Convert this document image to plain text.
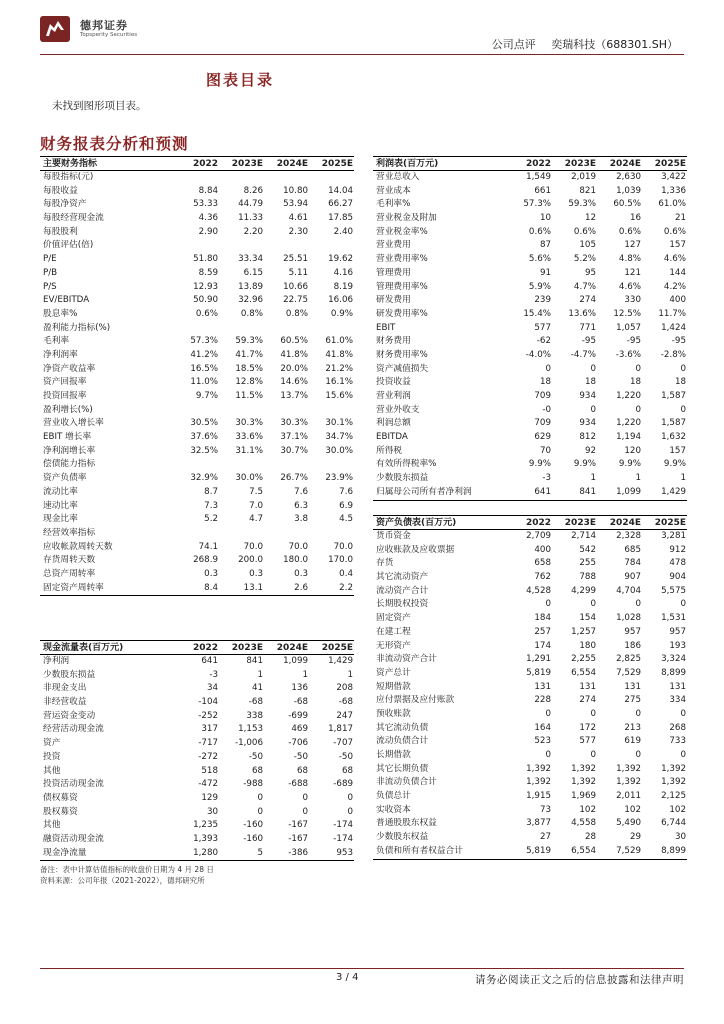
德邦证券
Topsperity Securities
公司点评 奕瑞科技（688301.SH）
图表目录
未找到图形项目表。
财务报表分析和预测
主要财务指标	2022	2023E	2024E	2025E
每股指标(元)
每股收益	8.84	8.26	10.80	14.04
每股净资产	53.33	44.79	53.94	66.27
每股经营现金流	4.36	11.33	4.61	17.85
每股股利	2.90	2.20	2.30	2.40
价值评估(倍)
P/E	51.80	33.34	25.51	19.62
P/B	8.59	6.15	5.11	4.16
P/S	12.93	13.89	10.66	8.19
EV/EBITDA	50.90	32.96	22.75	16.06
股息率%	0.6%	0.8%	0.8%	0.9%
盈利能力指标(%)
毛利率	57.3%	59.3%	60.5%	61.0%
净利润率	41.2%	41.7%	41.8%	41.8%
净资产收益率	16.5%	18.5%	20.0%	21.2%
资产回报率	11.0%	12.8%	14.6%	16.1%
投资回报率	9.7%	11.5%	13.7%	15.6%
盈利增长(%)
营业收入增长率	30.5%	30.3%	30.3%	30.1%
EBIT 增长率	37.6%	33.6%	37.1%	34.7%
净利润增长率	32.5%	31.1%	30.7%	30.0%
偿债能力指标
资产负债率	32.9%	30.0%	26.7%	23.9%
流动比率	8.7	7.5	7.6	7.6
速动比率	7.3	7.0	6.3	6.9
现金比率	5.2	4.7	3.8	4.5
经营效率指标
应收帐款周转天数	74.1	70.0	70.0	70.0
存货周转天数	268.9	200.0	180.0	170.0
总资产周转率	0.3	0.3	0.3	0.4
固定资产周转率	8.4	13.1	2.6	2.2
利润表(百万元)	2022	2023E	2024E	2025E
营业总收入	1,549	2,019	2,630	3,422
营业成本	661	821	1,039	1,336
毛利率%	57.3%	59.3%	60.5%	61.0%
营业税金及附加	10	12	16	21
营业税金率%	0.6%	0.6%	0.6%	0.6%
营业费用	87	105	127	157
营业费用率%	5.6%	5.2%	4.8%	4.6%
管理费用	91	95	121	144
管理费用率%	5.9%	4.7%	4.6%	4.2%
研发费用	239	274	330	400
研发费用率%	15.4%	13.6%	12.5%	11.7%
EBIT	577	771	1,057	1,424
财务费用	-62	-95	-95	-95
财务费用率%	-4.0%	-4.7%	-3.6%	-2.8%
资产减值损失	0	0	0	0
投资收益	18	18	18	18
营业利润	709	934	1,220	1,587
营业外收支	-0	0	0	0
利润总额	709	934	1,220	1,587
EBITDA	629	812	1,194	1,632
所得税	70	92	120	157
有效所得税率%	9.9%	9.9%	9.9%	9.9%
少数股东损益	-3	1	1	1
归属母公司所有者净利润	641	841	1,099	1,429
资产负债表(百万元)	2022	2023E	2024E	2025E
货币资金	2,709	2,714	2,328	3,281
应收账款及应收票据	400	542	685	912
存货	658	255	784	478
其它流动资产	762	788	907	904
流动资产合计	4,528	4,299	4,704	5,575
长期股权投资	0	0	0	0
固定资产	184	154	1,028	1,531
在建工程	257	1,257	957	957
无形资产	174	180	186	193
非流动资产合计	1,291	2,255	2,825	3,324
资产总计	5,819	6,554	7,529	8,899
短期借款	131	131	131	131
应付票据及应付账款	228	274	275	334
预收账款	0	0	0	0
其它流动负债	164	172	213	268
流动负债合计	523	577	619	733
长期借款	0	0	0	0
其它长期负债	1,392	1,392	1,392	1,392
非流动负债合计	1,392	1,392	1,392	1,392
负债总计	1,915	1,969	2,011	2,125
实收资本	73	102	102	102
普通股股东权益	3,877	4,558	5,490	6,744
少数股东权益	27	28	29	30
负债和所有者权益合计	5,819	6,554	7,529	8,899
现金流量表(百万元)	2022	2023E	2024E	2025E
净利润	641	841	1,099	1,429
少数股东损益	-3	1	1	1
非现金支出	34	41	136	208
非经营收益	-104	-68	-68	-68
营运资金变动	-252	338	-699	247
经营活动现金流	317	1,153	469	1,817
资产	-717	-1,006	-706	-707
投资	-272	-50	-50	-50
其他	518	68	68	68
投资活动现金流	-472	-988	-688	-689
债权募资	129	0	0	0
股权募资	30	0	0	0
其他	1,235	-160	-167	-174
融资活动现金流	1,393	-160	-167	-174
现金净流量	1,280	5	-386	953
备注：表中计算估值指标的收盘价日期为 4 月 28 日
资料来源：公司年报（2021-2022），德邦研究所
3 / 4	请务必阅读正文之后的信息披露和法律声明
